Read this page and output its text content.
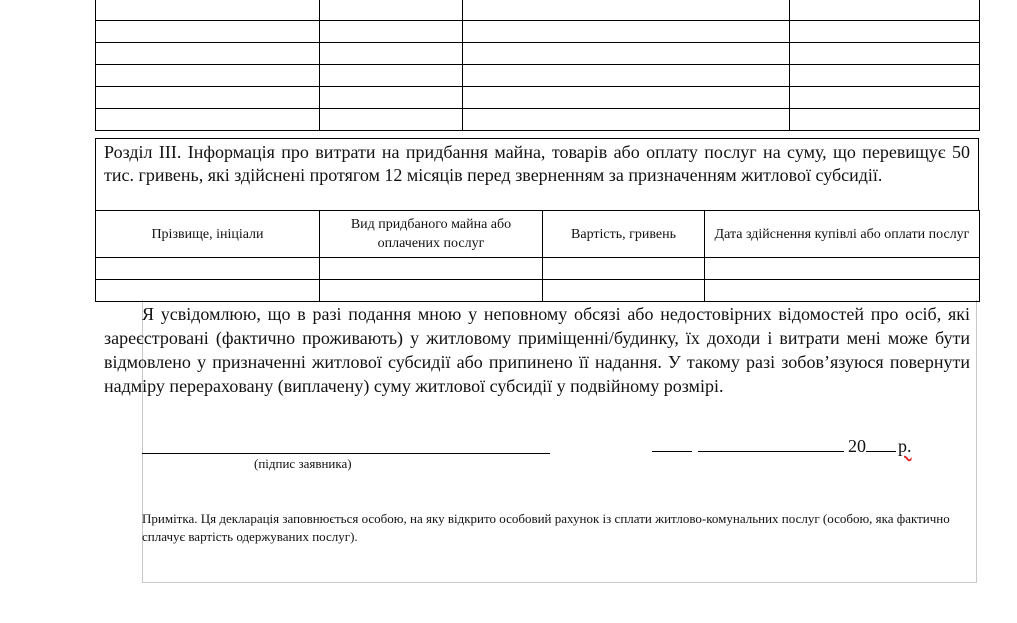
Розділ ІІІ. Інформація про витрати на придбання майна, товарів або оплату послуг на суму, що перевищує 50 тис. гривень, які здійснені протягом 12 місяців перед зверненням за призначенням житлової субсидії.
Прізвище, ініціали	Вид придбаного майна або оплачених послуг	Вартість, гривень	Дата здійснення купівлі або оплати послуг

Я усвідомлюю, що в разі подання мною у неповному обсязі або недостовірних відомостей про осіб, які зареєстровані (фактично проживають) у житловому приміщенні/будинку, їх доходи і витрати мені може бути відмовлено у призначенні житлової субсидії або припинено її надання. У такому разі зобов’язуюся повернути надміру перераховану (виплачену) суму житлової субсидії у подвійному розмірі.
(підпис заявника)
20 р.
Примітка. Ця декларація заповнюється особою, на яку відкрито особовий рахунок із сплати житлово-комунальних послуг (особою, яка фактично сплачує вартість одержуваних послуг).
